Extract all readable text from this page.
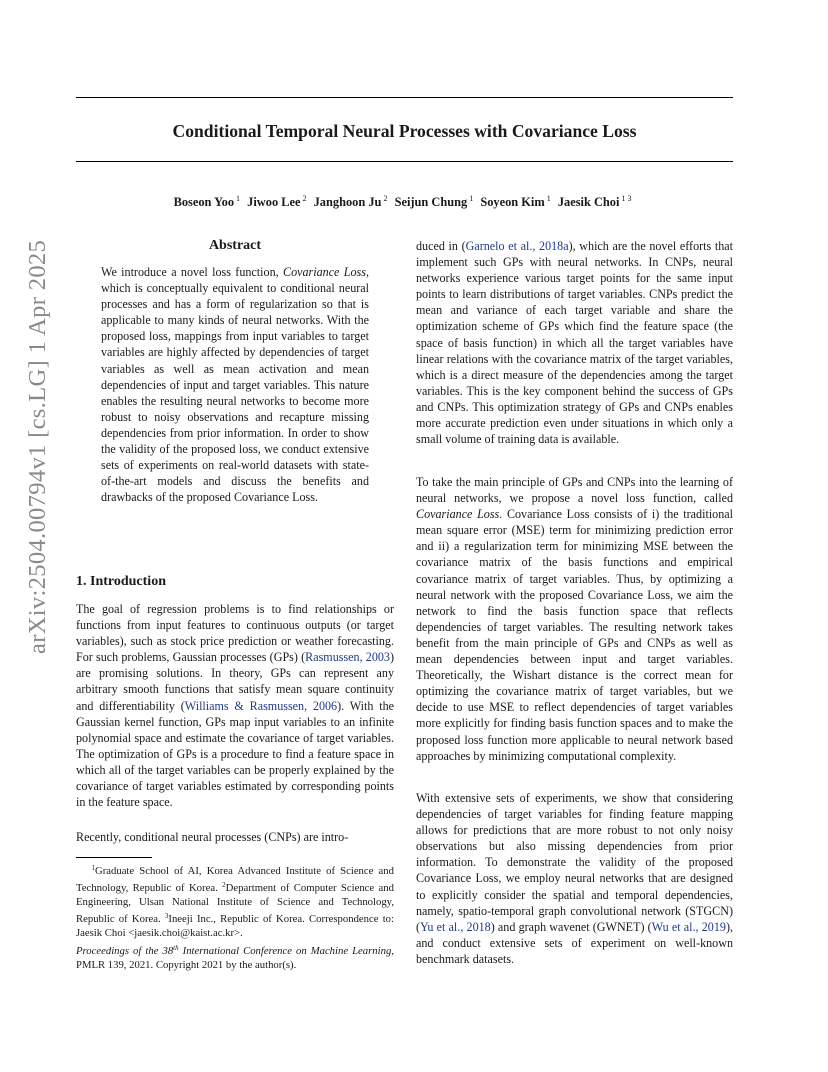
arXiv:2504.00794v1 [cs.LG] 1 Apr 2025
Conditional Temporal Neural Processes with Covariance Loss
Boseon Yoo $^1$ Jiwoo Lee $^2$ Janghoon Ju $^2$ Seijun Chung $^1$ Soyeon Kim $^1$ Jaesik Choi $^{1 3}$
Abstract

We introduce a novel loss function, Covariance Loss, which is conceptually equivalent to conditional neural processes and has a form of regularization so that is applicable to many kinds of neural networks. With the proposed loss, mappings from input variables to target variables are highly affected by dependencies of target variables as well as mean activation and mean dependencies of input and target variables. This nature enables the resulting neural networks to become more robust to noisy observations and recapture missing dependencies from prior information. In order to show the validity of the proposed loss, we conduct extensive sets of experiments on real-world datasets with state-of-the-art models and discuss the benefits and drawbacks of the proposed Covariance Loss.

1. Introduction

The goal of regression problems is to find relationships or functions from input features to continuous outputs (or target variables), such as stock price prediction or weather forecasting. For such problems, Gaussian processes (GPs) (Rasmussen, 2003) are promising solutions. In theory, GPs can represent any arbitrary smooth functions that satisfy mean square continuity and differentiability (Williams & Rasmussen, 2006). With the Gaussian kernel function, GPs map input variables to an infinite polynomial space and estimate the covariance of target variables. The optimization of GPs is a procedure to find a feature space in which all of the target variables can be properly explained by the covariance of target variables estimated by corresponding points in the feature space.

Recently, conditional neural processes (CNPs) are intro-

$^1$Graduate School of AI, Korea Advanced Institute of Science and Technology, Republic of Korea. $^2$Department of Computer Science and Engineering, Ulsan National Institute of Science and Technology, Republic of Korea. $^3$Ineeji Inc., Republic of Korea. Correspondence to: Jaesik Choi <jaesik.choi@kaist.ac.kr>.

Proceedings of the 38th International Conference on Machine Learning, PMLR 139, 2021. Copyright 2021 by the author(s).

duced in (Garnelo et al., 2018a), which are the novel efforts that implement such GPs with neural networks. In CNPs, neural networks experience various target points for the same input points to learn distributions of target variables. CNPs predict the mean and variance of each target variable and share the optimization scheme of GPs which find the feature space (the space of basis function) in which all the target variables have linear relations with the covariance matrix of the target variables, which is a direct measure of the dependencies among the target variables. This is the key component behind the success of GPs and CNPs. This optimization strategy of GPs and CNPs enables more accurate prediction even under situations in which only a small volume of training data is available.

To take the main principle of GPs and CNPs into the learning of neural networks, we propose a novel loss function, called Covariance Loss. Covariance Loss consists of i) the traditional mean square error (MSE) term for minimizing prediction error and ii) a regularization term for minimizing MSE between the covariance matrix of the basis functions and empirical covariance matrix of target variables. Thus, by optimizing a neural network with the proposed Covariance Loss, we aim the network to find the basis function space that reflects dependencies of target variables. The resulting network takes benefit from the main principle of GPs and CNPs as well as mean dependencies between input and target variables. Theoretically, the Wishart distance is the correct mean for optimizing the covariance matrix of target variables, but we decide to use MSE to reflect dependencies of target variables more explicitly for finding basis function spaces and to make the proposed loss function more applicable to neural network based approaches by minimizing computational complexity.

With extensive sets of experiments, we show that considering dependencies of target variables for finding feature mapping allows for predictions that are more robust to not only noisy observations but also missing dependencies from prior information. To demonstrate the validity of the proposed Covariance Loss, we employ neural networks that are designed to explicitly consider the spatial and temporal dependencies, namely, spatio-temporal graph convolutional network (STGCN) (Yu et al., 2018) and graph wavenet (GWNET) (Wu et al., 2019), and conduct extensive sets of experiment on well-known benchmark datasets.
